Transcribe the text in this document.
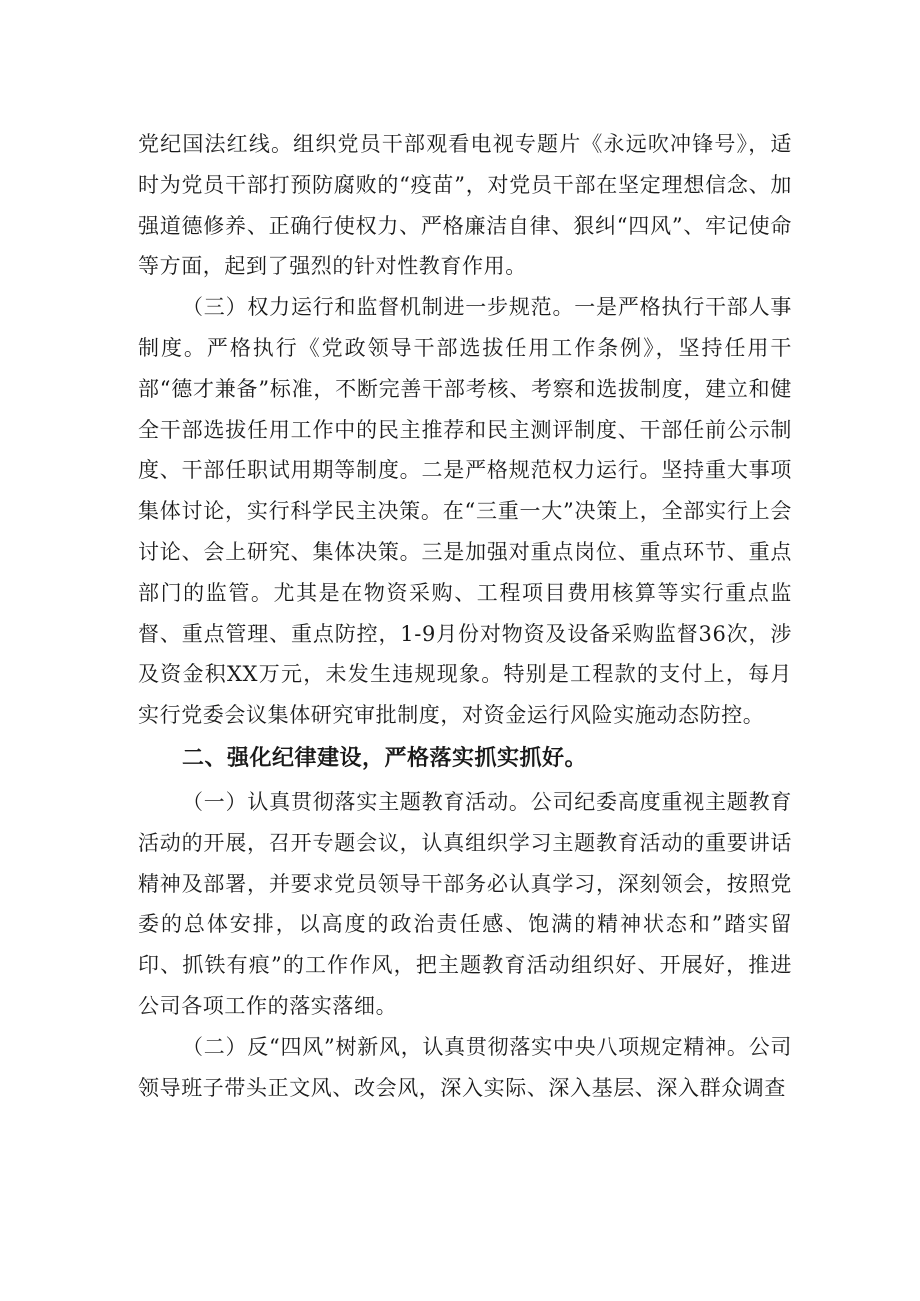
党纪国法红线。组织党员干部观看电视专题片《永远吹冲锋号》，适时为党员干部打预防腐败的“疫苗”，对党员干部在坚定理想信念、加强道德修养、正确行使权力、严格廉洁自律、狠纠“四风”、牢记使命等方面，起到了强烈的针对性教育作用。

（三）权力运行和监督机制进一步规范。一是严格执行干部人事制度。严格执行《党政领导干部选拔任用工作条例》，坚持任用干部“德才兼备”标准，不断完善干部考核、考察和选拔制度，建立和健全干部选拔任用工作中的民主推荐和民主测评制度、干部任前公示制度、干部任职试用期等制度。二是严格规范权力运行。坚持重大事项集体讨论，实行科学民主决策。在“三重一大”决策上，全部实行上会讨论、会上研究、集体决策。三是加强对重点岗位、重点环节、重点部门的监管。尤其是在物资采购、工程项目费用核算等实行重点监督、重点管理、重点防控，1-9月份对物资及设备采购监督36次，涉及资金积XX万元，未发生违规现象。特别是工程款的支付上，每月实行党委会议集体研究审批制度，对资金运行风险实施动态防控。

二、强化纪律建设，严格落实抓实抓好。

（一）认真贯彻落实主题教育活动。公司纪委高度重视主题教育活动的开展，召开专题会议，认真组织学习主题教育活动的重要讲话精神及部署，并要求党员领导干部务必认真学习，深刻领会，按照党委的总体安排，以高度的政治责任感、饱满的精神状态和”踏实留印、抓铁有痕”的工作作风，把主题教育活动组织好、开展好，推进公司各项工作的落实落细。

（二）反“四风”树新风，认真贯彻落实中央八项规定精神。公司领导班子带头正文风、改会风，深入实际、深入基层、深入群众调查
